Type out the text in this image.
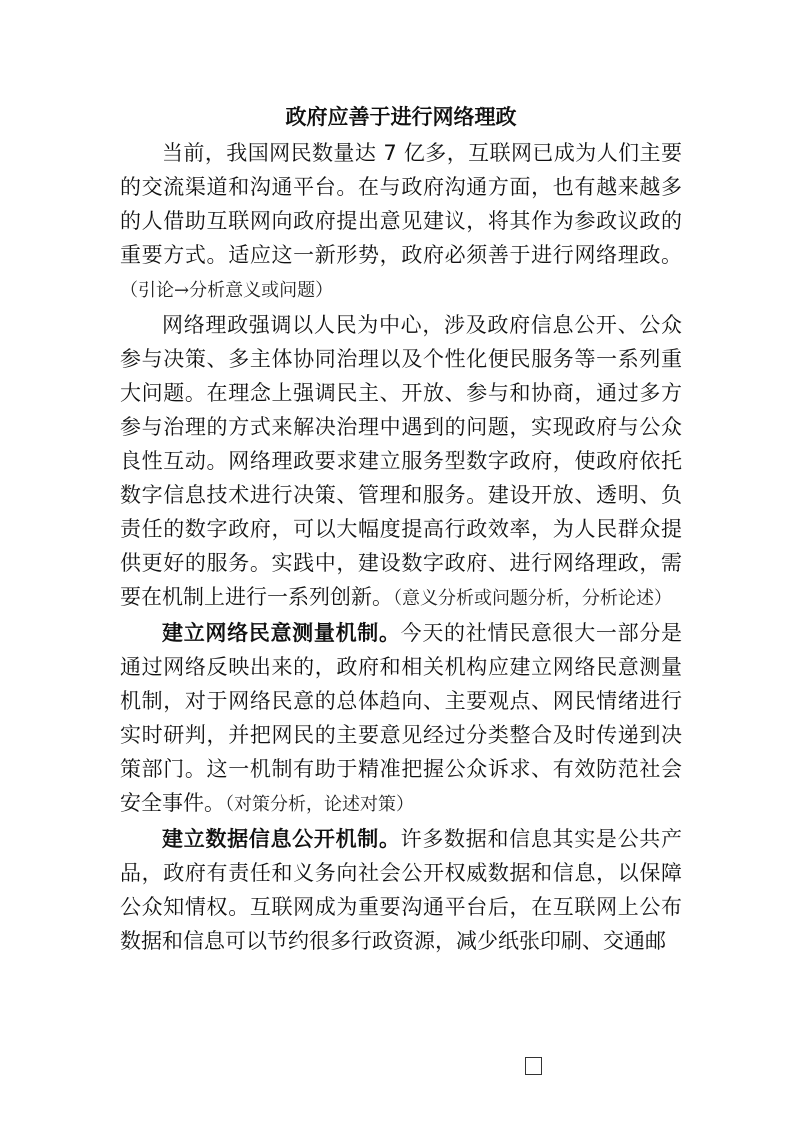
政府应善于进行网络理政

当前，我国网民数量达 7 亿多，互联网已成为人们主要的交流渠道和沟通平台。在与政府沟通方面，也有越来越多的人借助互联网向政府提出意见建议，将其作为参政议政的重要方式。适应这一新形势，政府必须善于进行网络理政。（引论→分析意义或问题）

网络理政强调以人民为中心，涉及政府信息公开、公众参与决策、多主体协同治理以及个性化便民服务等一系列重大问题。在理念上强调民主、开放、参与和协商，通过多方参与治理的方式来解决治理中遇到的问题，实现政府与公众良性互动。网络理政要求建立服务型数字政府，使政府依托数字信息技术进行决策、管理和服务。建设开放、透明、负责任的数字政府，可以大幅度提高行政效率，为人民群众提供更好的服务。实践中，建设数字政府、进行网络理政，需要在机制上进行一系列创新。（意义分析或问题分析，分析论述）

建立网络民意测量机制。今天的社情民意很大一部分是通过网络反映出来的，政府和相关机构应建立网络民意测量机制，对于网络民意的总体趋向、主要观点、网民情绪进行实时研判，并把网民的主要意见经过分类整合及时传递到决策部门。这一机制有助于精准把握公众诉求、有效防范社会安全事件。（对策分析，论述对策）

建立数据信息公开机制。许多数据和信息其实是公共产品，政府有责任和义务向社会公开权威数据和信息，以保障公众知情权。互联网成为重要沟通平台后，在互联网上公布数据和信息可以节约很多行政资源，减少纸张印刷、交通邮
